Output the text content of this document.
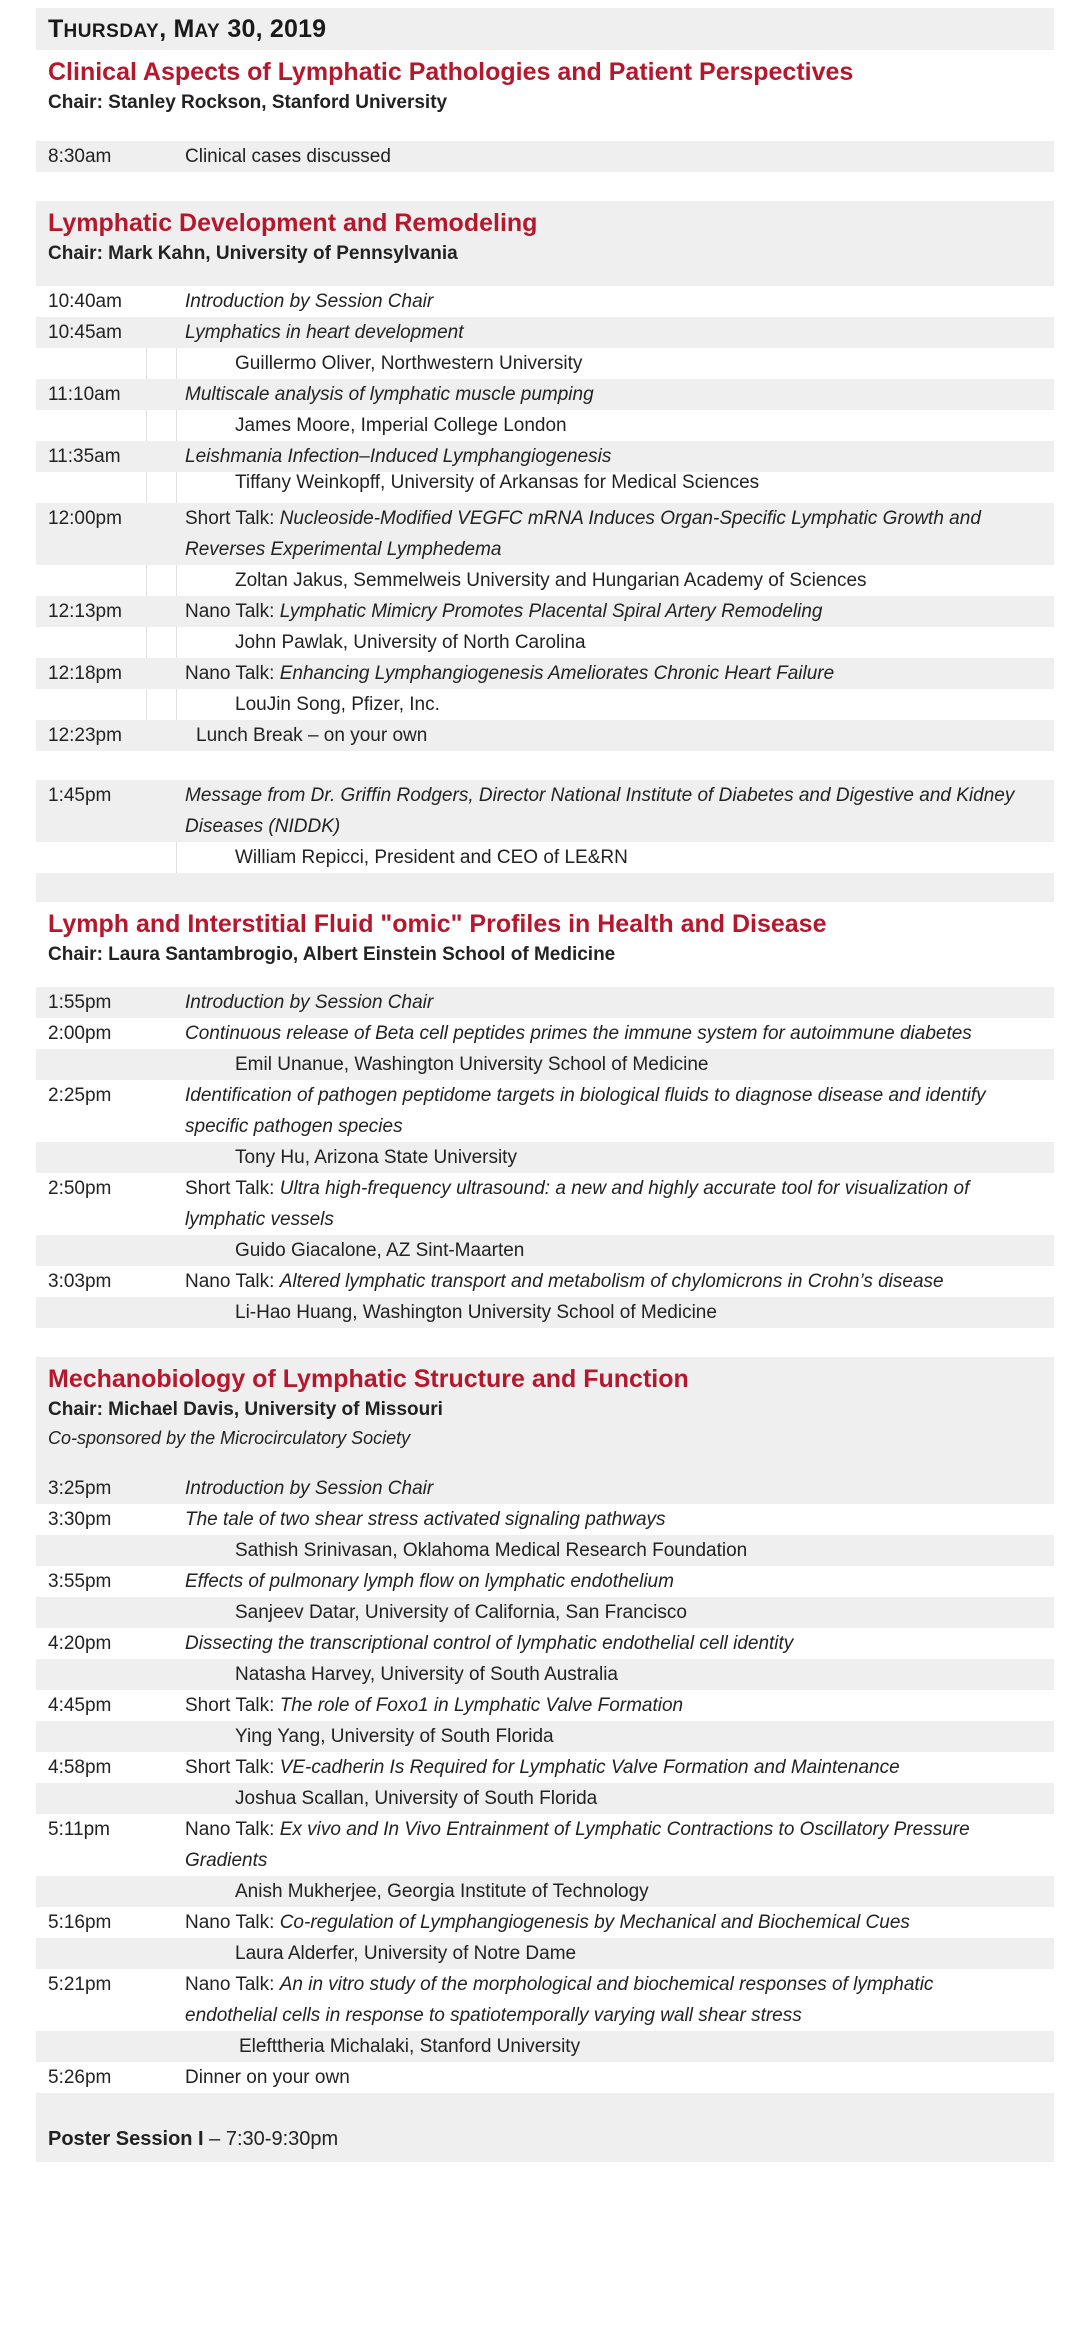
THURSDAY, MAY 30, 2019
Clinical Aspects of Lymphatic Pathologies and Patient Perspectives
Chair: Stanley Rockson, Stanford University
8:30am	Clinical cases discussed
Lymphatic Development and Remodeling
Chair: Mark Kahn, University of Pennsylvania
10:40am	Introduction by Session Chair
10:45am	Lymphatics in heart development
Guillermo Oliver, Northwestern University
11:10am	Multiscale analysis of lymphatic muscle pumping
James Moore, Imperial College London
11:35am	Leishmania Infection–Induced Lymphangiogenesis
Tiffany Weinkopff, University of Arkansas for Medical Sciences
12:00pm	Short Talk: Nucleoside-Modified VEGFC mRNA Induces Organ-Specific Lymphatic Growth and Reverses Experimental Lymphedema
Zoltan Jakus, Semmelweis University and Hungarian Academy of Sciences
12:13pm	Nano Talk: Lymphatic Mimicry Promotes Placental Spiral Artery Remodeling
John Pawlak, University of North Carolina
12:18pm	Nano Talk: Enhancing Lymphangiogenesis Ameliorates Chronic Heart Failure
LouJin Song, Pfizer, Inc.
12:23pm	Lunch Break – on your own
1:45pm	Message from Dr. Griffin Rodgers, Director National Institute of Diabetes and Digestive and Kidney Diseases (NIDDK)
William Repicci, President and CEO of LE&RN
Lymph and Interstitial Fluid "omic" Profiles in Health and Disease
Chair: Laura Santambrogio, Albert Einstein School of Medicine
1:55pm	Introduction by Session Chair
2:00pm	Continuous release of Beta cell peptides primes the immune system for autoimmune diabetes
Emil Unanue, Washington University School of Medicine
2:25pm	Identification of pathogen peptidome targets in biological fluids to diagnose disease and identify specific pathogen species
Tony Hu, Arizona State University
2:50pm	Short Talk: Ultra high-frequency ultrasound: a new and highly accurate tool for visualization of lymphatic vessels
Guido Giacalone, AZ Sint-Maarten
3:03pm	Nano Talk: Altered lymphatic transport and metabolism of chylomicrons in Crohn’s disease
Li-Hao Huang, Washington University School of Medicine
Mechanobiology of Lymphatic Structure and Function
Chair: Michael Davis, University of Missouri
Co-sponsored by the Microcirculatory Society
3:25pm	Introduction by Session Chair
3:30pm	The tale of two shear stress activated signaling pathways
Sathish Srinivasan, Oklahoma Medical Research Foundation
3:55pm	Effects of pulmonary lymph flow on lymphatic endothelium
Sanjeev Datar, University of California, San Francisco
4:20pm	Dissecting the transcriptional control of lymphatic endothelial cell identity
Natasha Harvey, University of South Australia
4:45pm	Short Talk: The role of Foxo1 in Lymphatic Valve Formation
Ying Yang, University of South Florida
4:58pm	Short Talk: VE-cadherin Is Required for Lymphatic Valve Formation and Maintenance
Joshua Scallan, University of South Florida
5:11pm	Nano Talk: Ex vivo and In Vivo Entrainment of Lymphatic Contractions to Oscillatory Pressure Gradients
Anish Mukherjee, Georgia Institute of Technology
5:16pm	Nano Talk: Co-regulation of Lymphangiogenesis by Mechanical and Biochemical Cues
Laura Alderfer, University of Notre Dame
5:21pm	Nano Talk: An in vitro study of the morphological and biochemical responses of lymphatic endothelial cells in response to spatiotemporally varying wall shear stress
Elefttheria Michalaki, Stanford University
5:26pm	Dinner on your own
Poster Session I – 7:30-9:30pm
